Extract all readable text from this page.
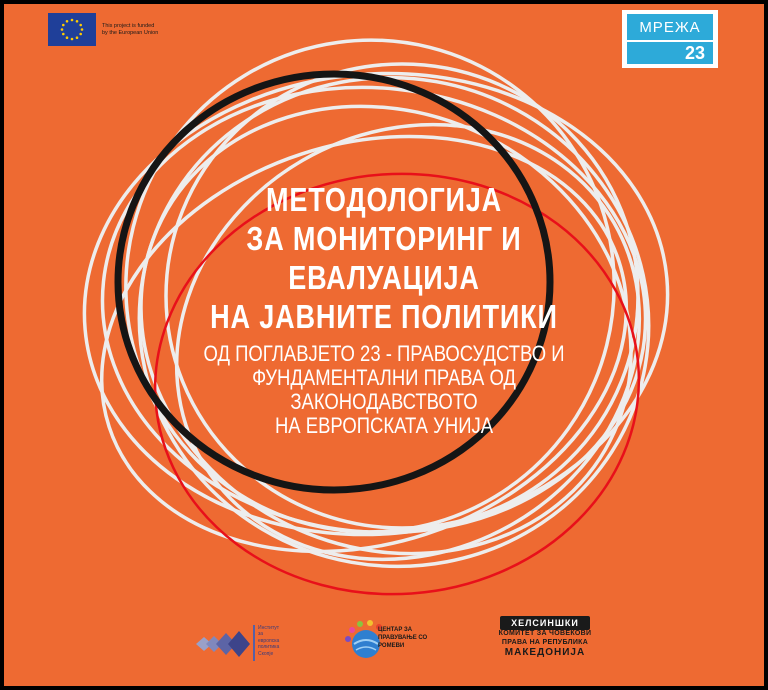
This project is funded
by the European Union	МРЕЖА
23
МЕТОДОЛОГИЈА
ЗА МОНИТОРИНГ И
ЕВАЛУАЦИЈА
НА ЈАВНИТЕ ПОЛИТИКИ
ОД ПОГЛАВЈЕТО 23 - ПРАВОСУДСТВО И
ФУНДАМЕНТАЛНИ ПРАВА ОД
ЗАКОНОДАВСТВОТО
НА ЕВРОПСКАТА УНИЈА
Институт
за
европска
политика
Скопје
ЦЕНТАР ЗА
ПРАВУВАЊЕ СО
РОМЕВИ
ХЕЛСИНШКИ
КОМИТЕТ ЗА ЧОВЕКОВИ
ПРАВА НА РЕПУБЛИКА
МАКЕДОНИЈА
